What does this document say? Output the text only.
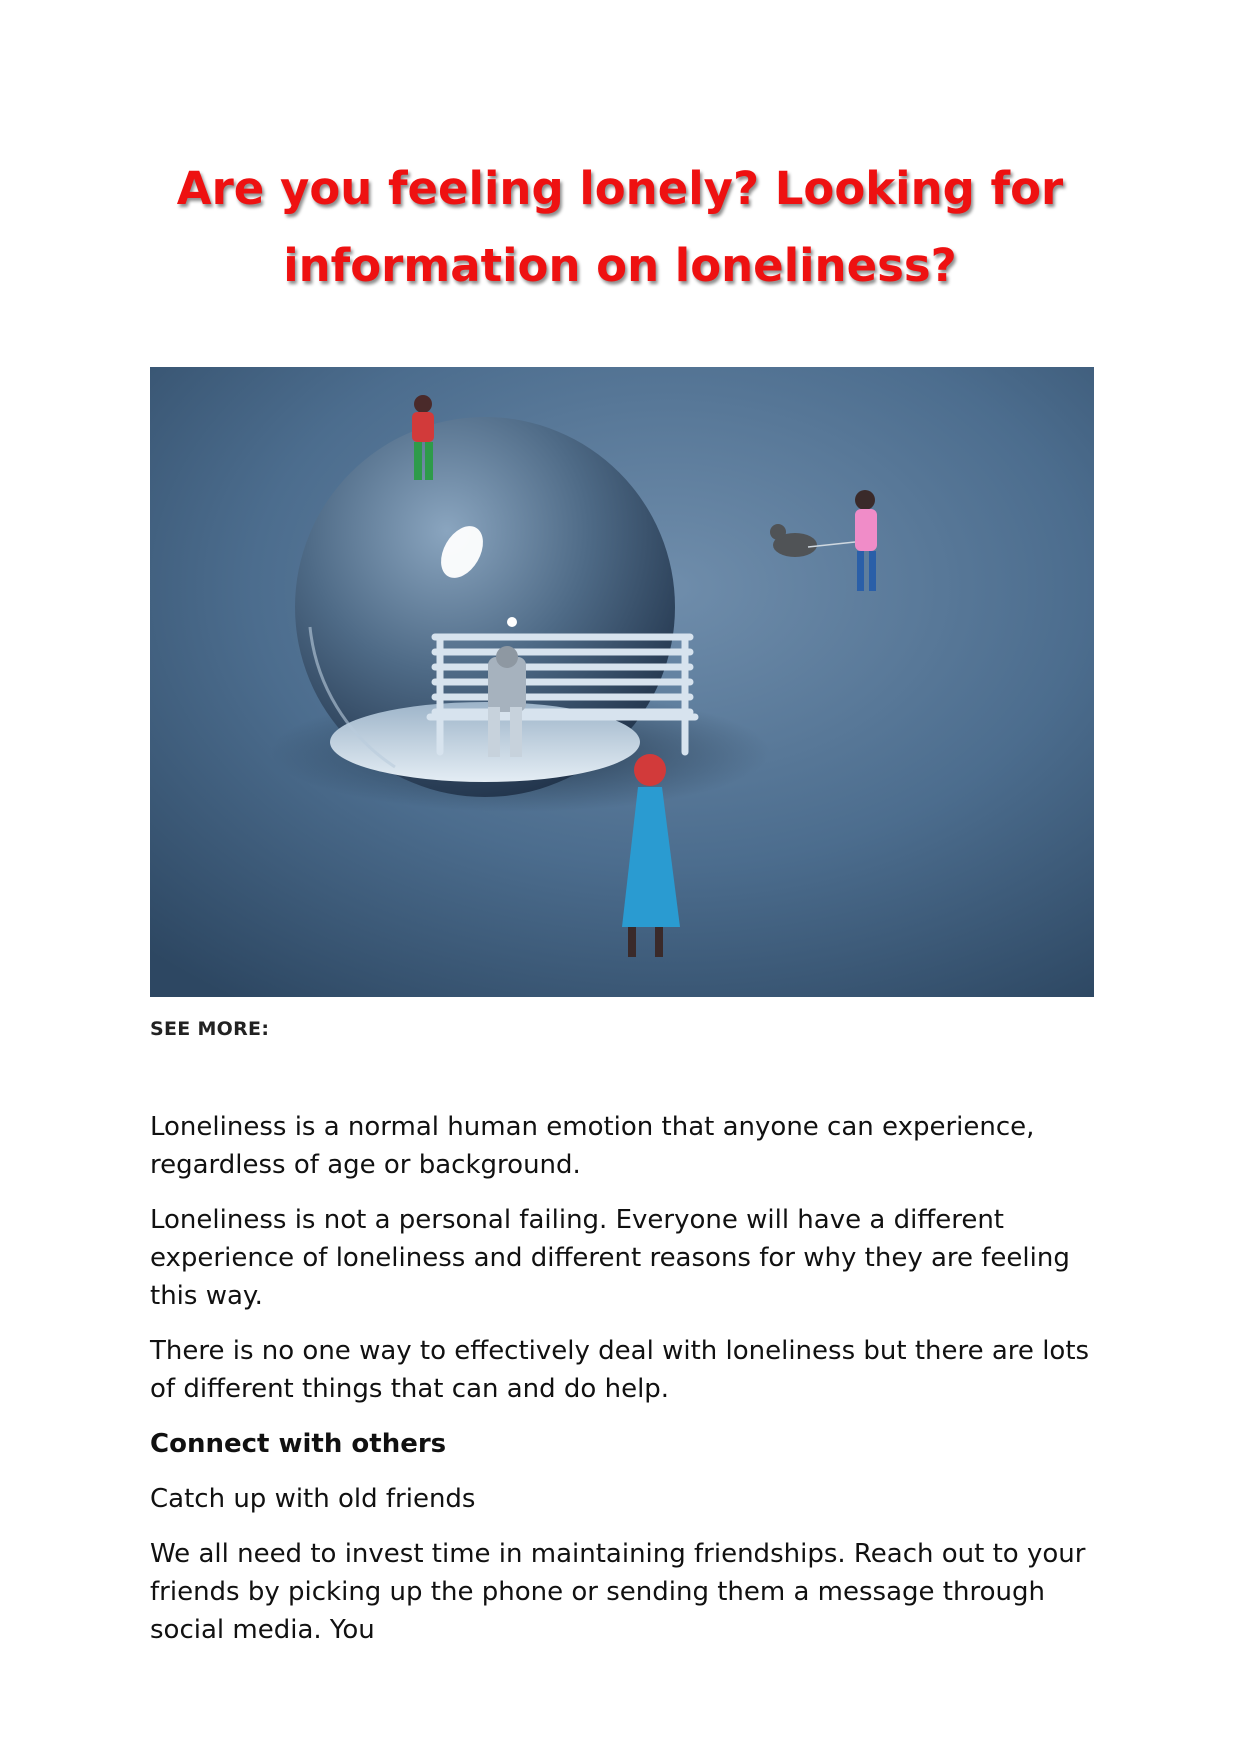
Are you feeling lonely? Looking for
information on loneliness?
SEE MORE:

Loneliness is a normal human emotion that anyone can experience, regardless of age or background.

Loneliness is not a personal failing. Everyone will have a different experience of loneliness and different reasons for why they are feeling this way.

There is no one way to effectively deal with loneliness but there are lots of different things that can and do help.

Connect with others

Catch up with old friends

We all need to invest time in maintaining friendships. Reach out to your friends by picking up the phone or sending them a message through social media. You
